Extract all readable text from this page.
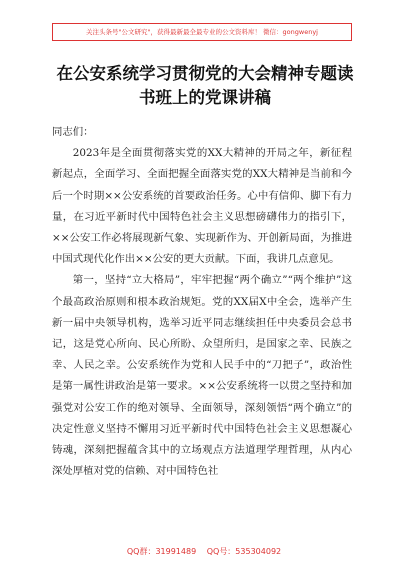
关注头条号"公文研究"，获得最新最全最专业的公文资料库！ 微信：gongwenyj
在公安系统学习贯彻党的大会精神专题读
书班上的党课讲稿

同志们：

2023年是全面贯彻落实党的XX大精神的开局之年，新征程新起点，全面学习、全面把握全面落实党的XX大精神是当前和今后一个时期××公安系统的首要政治任务。心中有信仰、脚下有力量，在习近平新时代中国特色社会主义思想磅礴伟力的指引下，××公安工作必将展现新气象、实现新作为、开创新局面，为推进中国式现代化作出××公安的更大贡献。下面，我讲几点意见。

第一，坚持“立大格局”，牢牢把握“两个确立”“两个维护”这个最高政治原则和根本政治规矩。党的XX届X中全会，选举产生新一届中央领导机构，选举习近平同志继续担任中央委员会总书记，这是党心所向、民心所盼、众望所归，是国家之幸、民族之幸、人民之幸。公安系统作为党和人民手中的“刀把子”，政治性是第一属性讲政治是第一要求。××公安系统将一以贯之坚持和加强党对公安工作的绝对领导、全面领导，深刻领悟“两个确立”的决定性意义坚持不懈用习近平新时代中国特色社会主义思想凝心铸魂，深刻把握蕴含其中的立场观点方法道理学理哲理，从内心深处厚植对党的信赖、对中国特色社

QQ群：31991489 QQ号：535304092
